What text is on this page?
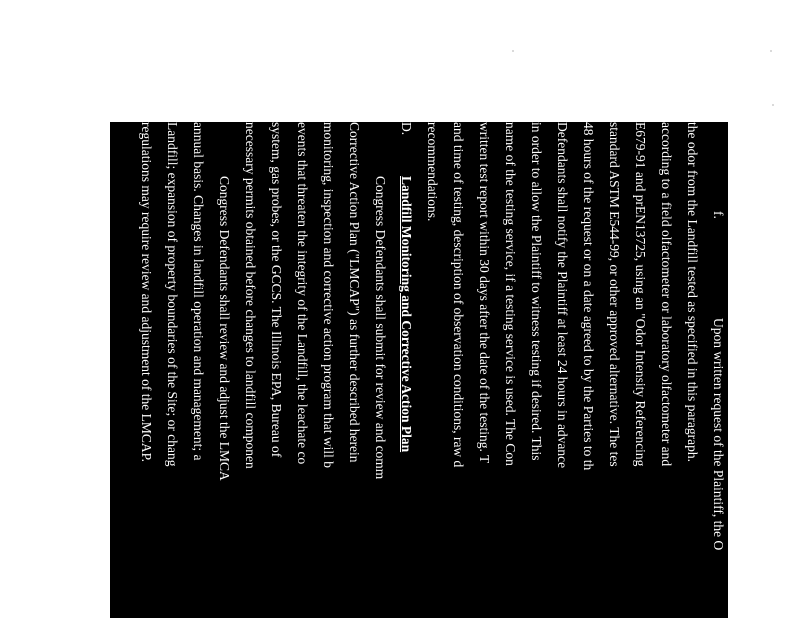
f.
Upon written request of the Plaintiff, the O
the odor from the Landfill tested as specified in this paragraph.
according to a field olfactometer or laboratory olfactometer and
E679-91 and prEN13725, using an "Odor Intensity Referencing
standard ASTM E544-99, or other approved alternative. The tes
48 hours of the request or on a date agreed to by the Parties to th
Defendants shall notify the Plaintiff at least 24 hours in advance
in order to allow the Plaintiff to witness testing if desired. This
name of the testing service, if a testing service is used. The Con
written test report within 30 days after the date of the testing. T
and time of testing, description of observation conditions, raw d
recommendations.
D.
Landfill Monitoring and Corrective Action Plan
Congress Defendants shall submit for review and comm
Corrective Action Plan ("LMCAP") as further described herein
monitoring, inspection and corrective action program that will b
events that threaten the integrity of the Landfill, the leachate co
system, gas probes, or the GCCS. The Illinois EPA, Bureau of
necessary permits obtained before changes to landfill componen
Congress Defendants shall review and adjust the LMCA
annual basis. Changes in landfill operation and management; a
Landfill; expansion of property boundaries of the Site; or chang
regulations may require review and adjustment of the LMCAP.
